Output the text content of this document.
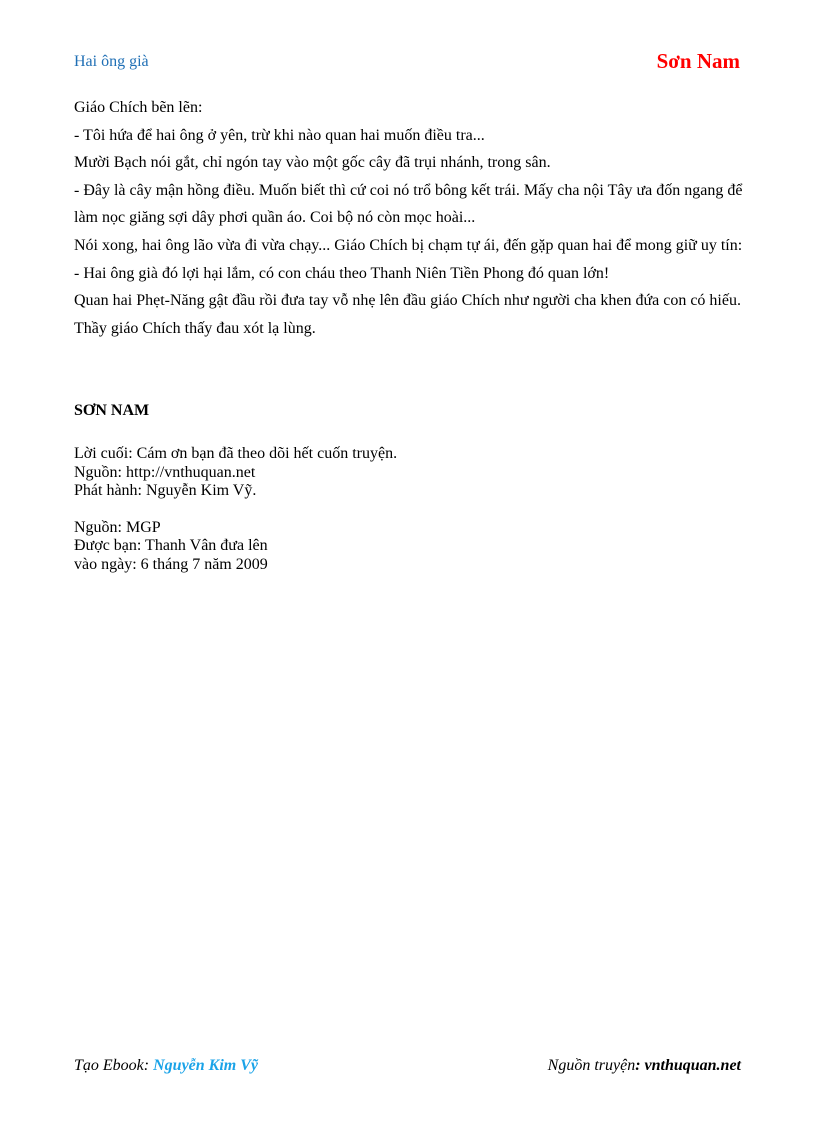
Hai ông già	Sơn Nam

Giáo Chích bẽn lẽn:

- Tôi hứa để hai ông ở yên, trừ khi nào quan hai muốn điều tra...

Mười Bạch nói gắt, chỉ ngón tay vào một gốc cây đã trụi nhánh, trong sân.

- Đây là cây mận hồng điều. Muốn biết thì cứ coi nó trổ bông kết trái. Mấy cha nội Tây ưa đốn ngang để làm nọc giăng sợi dây phơi quần áo. Coi bộ nó còn mọc hoài...

Nói xong, hai ông lão vừa đi vừa chạy... Giáo Chích bị chạm tự ái, đến gặp quan hai để mong giữ uy tín:

- Hai ông già đó lợi hại lắm, có con cháu theo Thanh Niên Tiền Phong đó quan lớn!

Quan hai Phẹt-Năng gật đầu rồi đưa tay vỗ nhẹ lên đầu giáo Chích như người cha khen đứa con có hiếu. Thầy giáo Chích thấy đau xót lạ lùng.

SƠN NAM
Lời cuối: Cám ơn bạn đã theo dõi hết cuốn truyện.
Nguồn: http://vnthuquan.net
Phát hành: Nguyễn Kim Vỹ.
Nguồn: MGP
Được bạn: Thanh Vân đưa lên
vào ngày: 6 tháng 7 năm 2009
Tạo Ebook: Nguyễn Kim Vỹ	Nguồn truyện: vnthuquan.net
